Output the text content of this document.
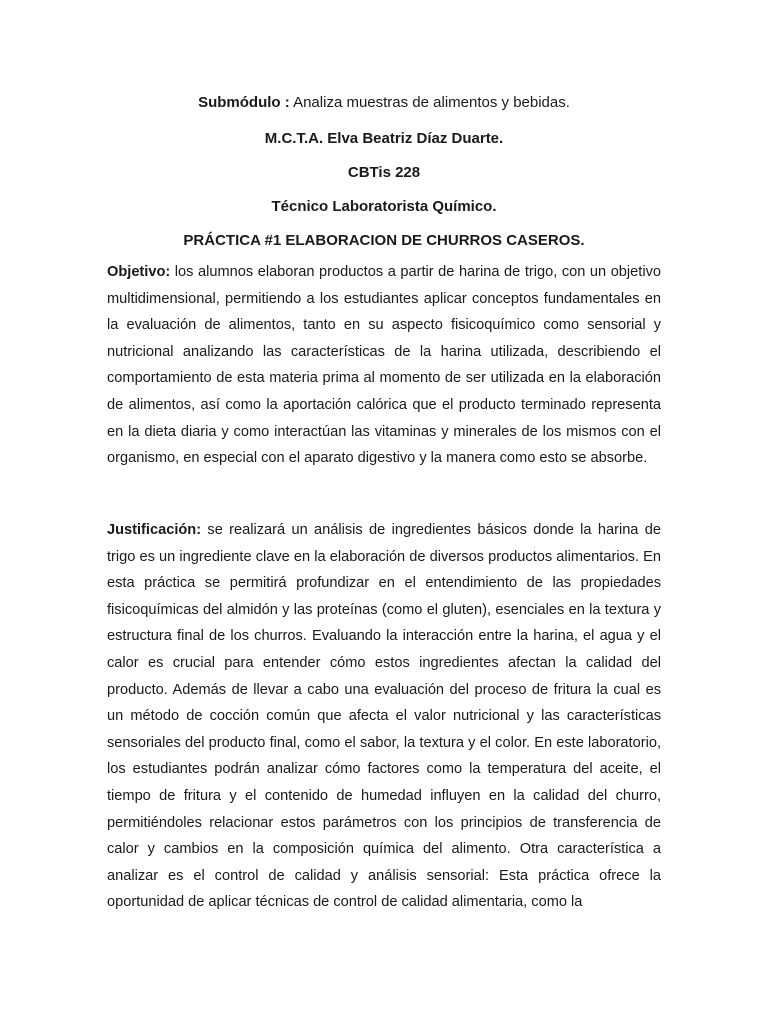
Submódulo : Analiza muestras de alimentos y bebidas.
M.C.T.A. Elva Beatriz Díaz Duarte.
CBTis 228
Técnico Laboratorista Químico.
PRÁCTICA #1 ELABORACION DE CHURROS CASEROS.

Objetivo: los alumnos elaboran productos a partir de harina de trigo, con un objetivo multidimensional, permitiendo a los estudiantes aplicar conceptos fundamentales en la evaluación de alimentos, tanto en su aspecto fisicoquímico como sensorial y nutricional analizando las características de la harina utilizada, describiendo el comportamiento de esta materia prima al momento de ser utilizada en la elaboración de alimentos, así como la aportación calórica que el producto terminado representa en la dieta diaria y como interactúan las vitaminas y minerales de los mismos con el organismo, en especial con el aparato digestivo y la manera como esto se absorbe.

Justificación: se realizará un análisis de ingredientes básicos donde la harina de trigo es un ingrediente clave en la elaboración de diversos productos alimentarios. En esta práctica se permitirá profundizar en el entendimiento de las propiedades fisicoquímicas del almidón y las proteínas (como el gluten), esenciales en la textura y estructura final de los churros. Evaluando la interacción entre la harina, el agua y el calor es crucial para entender cómo estos ingredientes afectan la calidad del producto. Además de llevar a cabo una evaluación del proceso de fritura la cual es un método de cocción común que afecta el valor nutricional y las características sensoriales del producto final, como el sabor, la textura y el color. En este laboratorio, los estudiantes podrán analizar cómo factores como la temperatura del aceite, el tiempo de fritura y el contenido de humedad influyen en la calidad del churro, permitiéndoles relacionar estos parámetros con los principios de transferencia de calor y cambios en la composición química del alimento. Otra característica a analizar es el control de calidad y análisis sensorial: Esta práctica ofrece la oportunidad de aplicar técnicas de control de calidad alimentaria, como la
